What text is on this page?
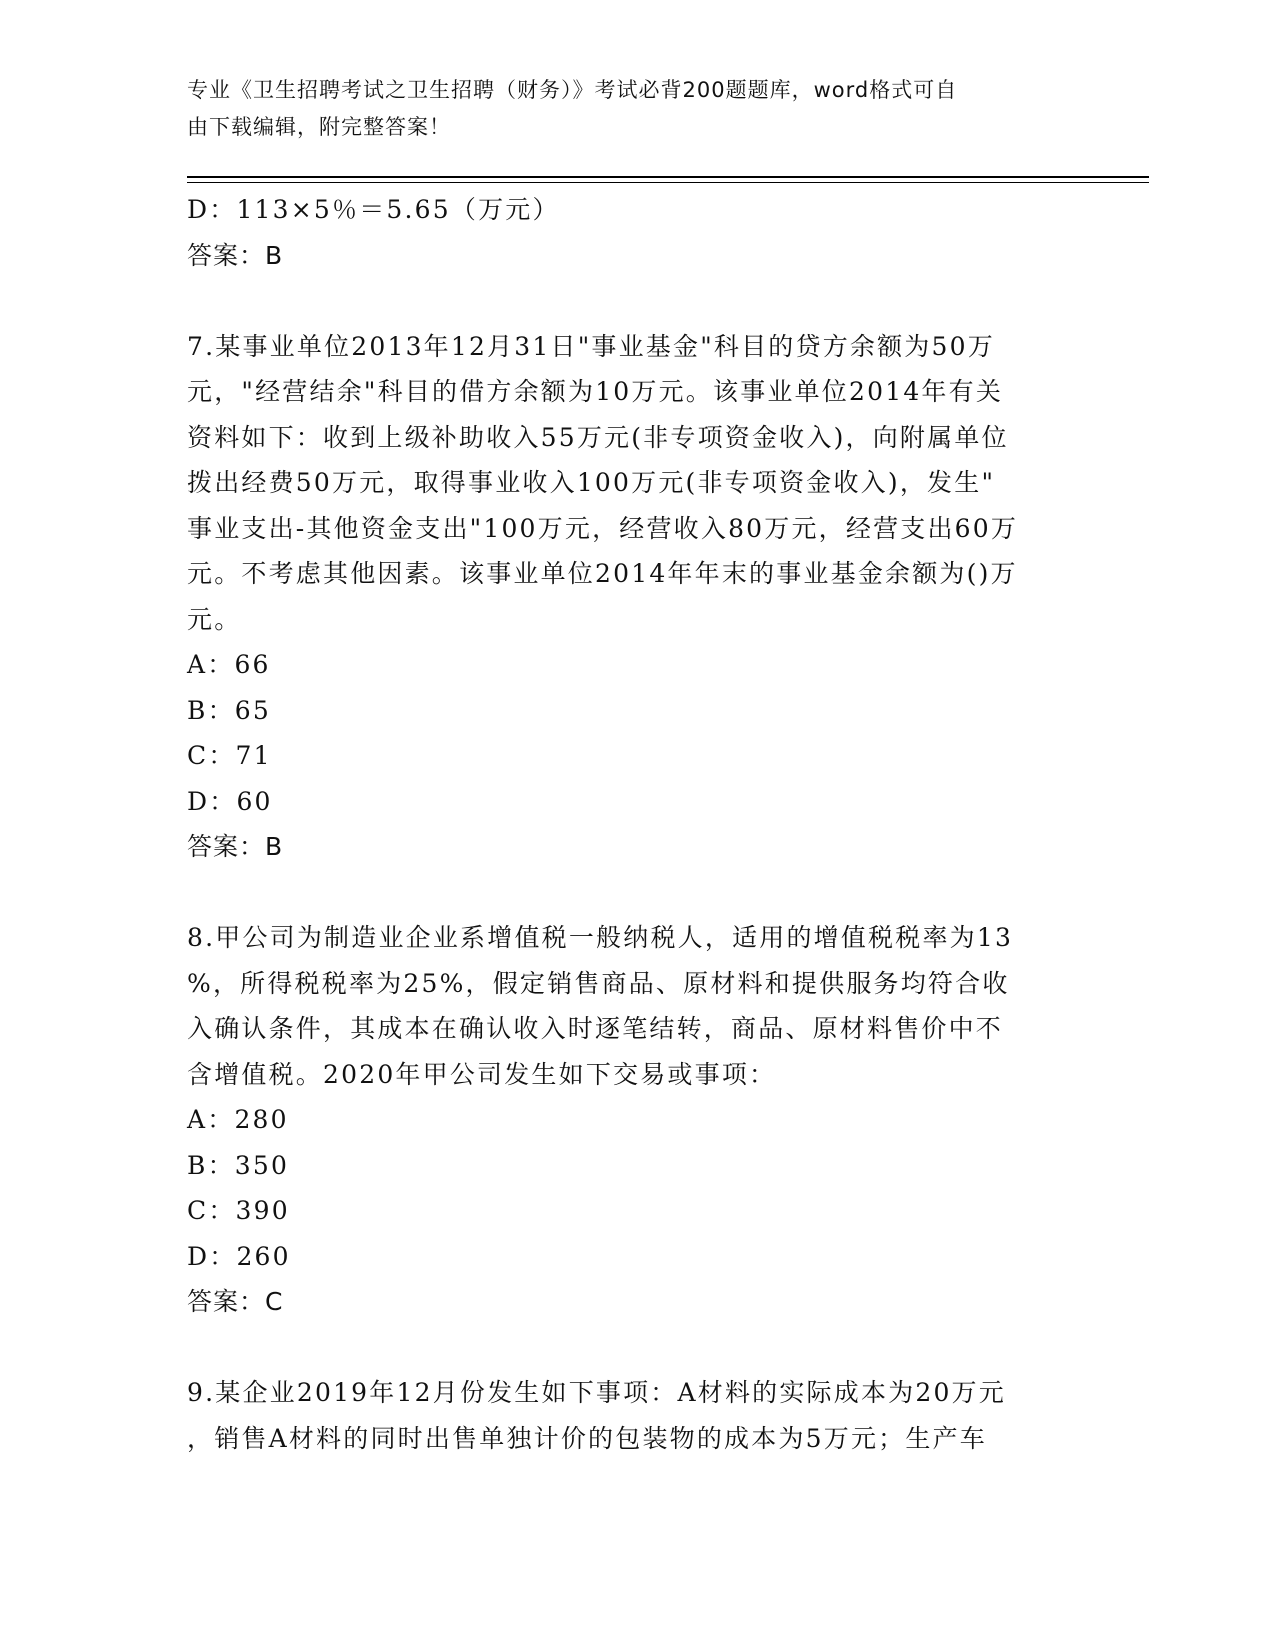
专业《卫生招聘考试之卫生招聘（财务）》考试必背200题题库，word格式可自
由下载编辑，附完整答案！

D：113×5％＝5.65（万元）

答案：B

7.某事业单位2013年12月31日"事业基金"科目的贷方余额为50万

元，"经营结余"科目的借方余额为10万元。该事业单位2014年有关

资料如下：收到上级补助收入55万元(非专项资金收入)，向附属单位

拨出经费50万元，取得事业收入100万元(非专项资金收入)，发生"

事业支出-其他资金支出"100万元，经营收入80万元，经营支出60万

元。不考虑其他因素。该事业单位2014年年末的事业基金余额为()万

元。

A：66

B：65

C：71

D：60

答案：B

8.甲公司为制造业企业系增值税一般纳税人，适用的增值税税率为13

%，所得税税率为25%，假定销售商品、原材料和提供服务均符合收

入确认条件，其成本在确认收入时逐笔结转，商品、原材料售价中不

含增值税。2020年甲公司发生如下交易或事项：

A：280

B：350

C：390

D：260

答案：C

9.某企业2019年12月份发生如下事项：A材料的实际成本为20万元

，销售A材料的同时出售单独计价的包装物的成本为5万元；生产车
